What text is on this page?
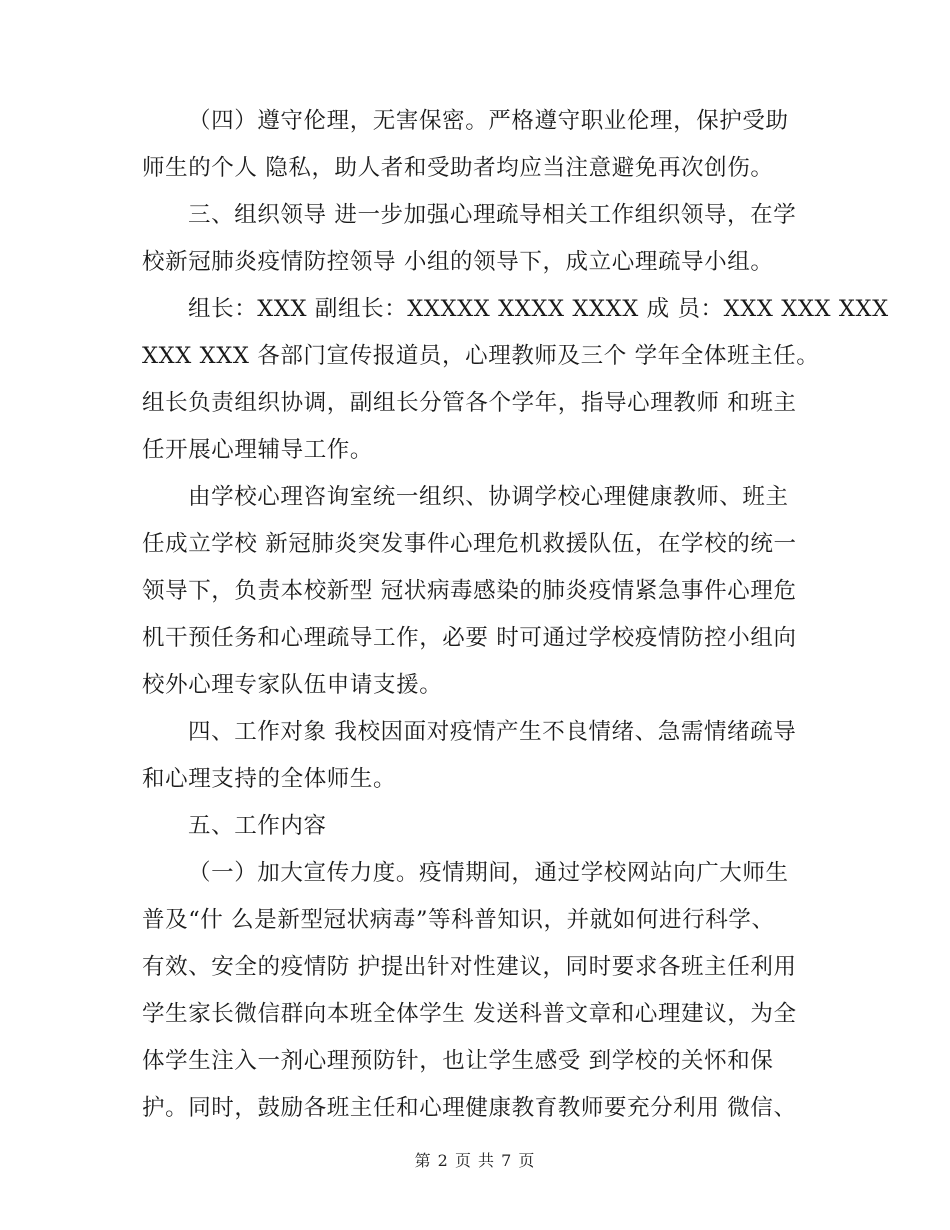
（四）遵守伦理，无害保密。严格遵守职业伦理，保护受助
师生的个人 隐私，助人者和受助者均应当注意避免再次创伤。
三、组织领导 进一步加强心理疏导相关工作组织领导，在学
校新冠肺炎疫情防控领导 小组的领导下，成立心理疏导小组。
组长：XXX 副组长：XXXXX XXXX XXXX 成 员：XXX XXX XXX
XXX XXX 各部门宣传报道员，心理教师及三个 学年全体班主任。
组长负责组织协调，副组长分管各个学年，指导心理教师 和班主
任开展心理辅导工作。
由学校心理咨询室统一组织、协调学校心理健康教师、班主
任成立学校 新冠肺炎突发事件心理危机救援队伍，在学校的统一
领导下，负责本校新型 冠状病毒感染的肺炎疫情紧急事件心理危
机干预任务和心理疏导工作，必要 时可通过学校疫情防控小组向
校外心理专家队伍申请支援。
四、工作对象 我校因面对疫情产生不良情绪、急需情绪疏导
和心理支持的全体师生。
五、工作内容
（一）加大宣传力度。疫情期间，通过学校网站向广大师生
普及“什 么是新型冠状病毒”等科普知识，并就如何进行科学、
有效、安全的疫情防 护提出针对性建议，同时要求各班主任利用
学生家长微信群向本班全体学生 发送科普文章和心理建议，为全
体学生注入一剂心理预防针，也让学生感受 到学校的关怀和保
护。同时，鼓励各班主任和心理健康教育教师要充分利用 微信、
第 2 页 共 7 页
